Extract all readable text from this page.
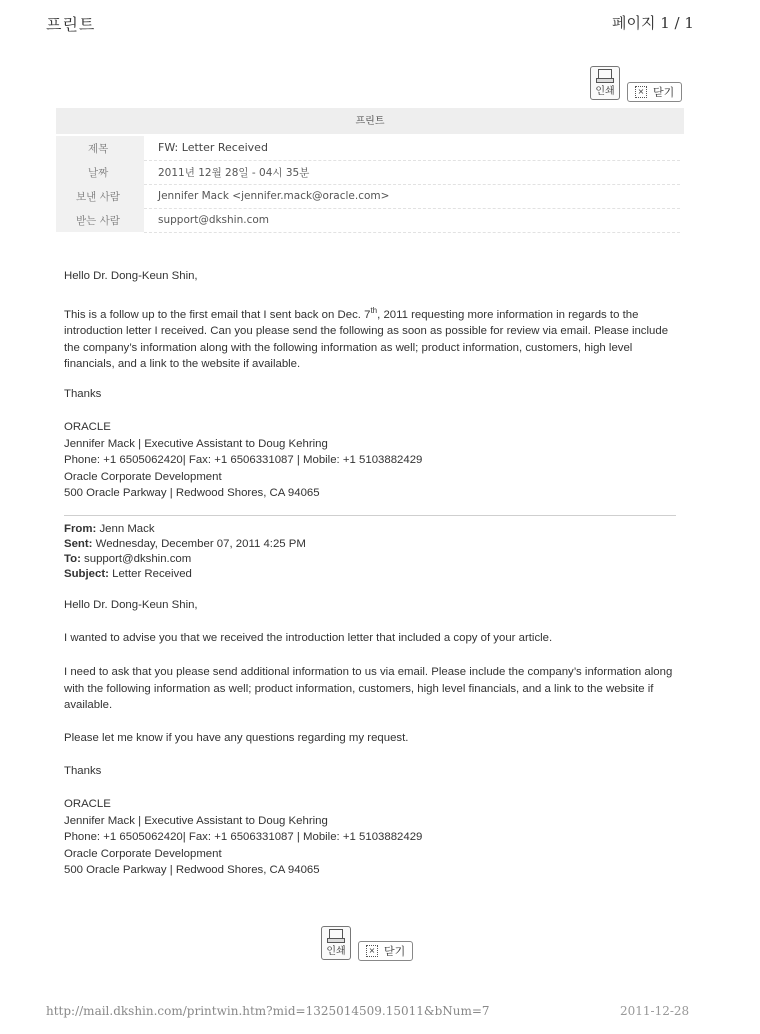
프린트	페이지 1 / 1
인쇄	× 닫기
프린트
제목	FW: Letter Received
날짜	2011년 12월 28일 - 04시 35분
보낸 사람	Jennifer Mack <jennifer.mack@oracle.com>
받는 사람	support@dkshin.com
Hello Dr. Dong-Keun Shin,
This is a follow up to the first email that I sent back on Dec. 7th, 2011 requesting more information in regards to the introduction letter I received. Can you please send the following as soon as possible for review via email. Please include the company’s information along with the following information as well; product information, customers, high level financials, and a link to the website if available.
Thanks
ORACLE
Jennifer Mack | Executive Assistant to Doug Kehring
Phone: +1 6505062420| Fax: +1 6506331087 | Mobile: +1 5103882429
Oracle Corporate Development
500 Oracle Parkway | Redwood Shores, CA 94065
From: Jenn Mack
Sent: Wednesday, December 07, 2011 4:25 PM
To: support@dkshin.com
Subject: Letter Received
Hello Dr. Dong-Keun Shin,
I wanted to advise you that we received the introduction letter that included a copy of your article.
I need to ask that you please send additional information to us via email. Please include the company’s information along with the following information as well; product information, customers, high level financials, and a link to the website if available.
Please let me know if you have any questions regarding my request.
Thanks
ORACLE
Jennifer Mack | Executive Assistant to Doug Kehring
Phone: +1 6505062420| Fax: +1 6506331087 | Mobile: +1 5103882429
Oracle Corporate Development
500 Oracle Parkway | Redwood Shores, CA 94065
인쇄	× 닫기
http://mail.dkshin.com/printwin.htm?mid=1325014509.15011&bNum=7	2011-12-28
